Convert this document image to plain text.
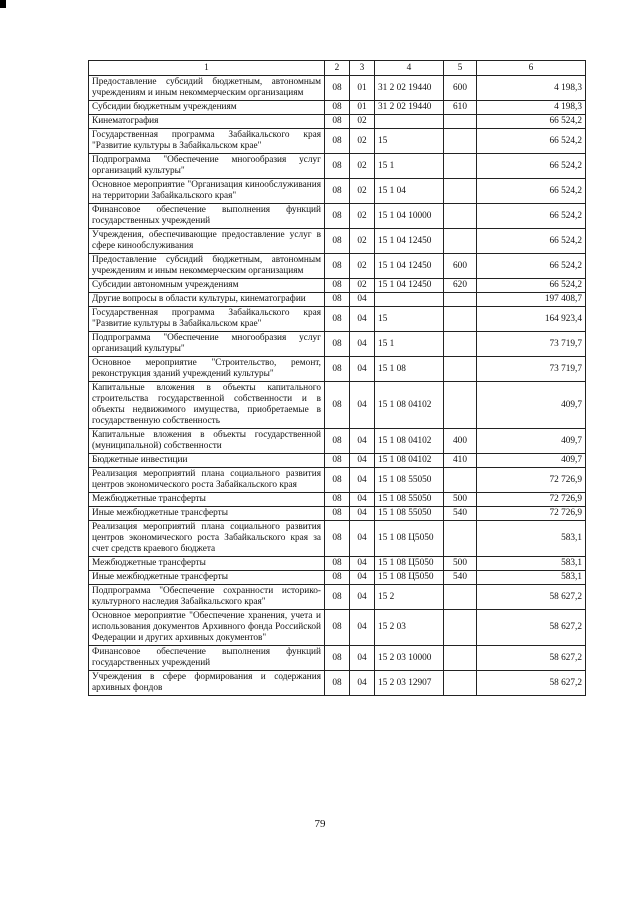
1	2	3	4	5	6
Предоставление субсидий бюджетным, автономным учреждениям и иным некоммерческим организациям	08	01	31 2 02 19440	600	4 198,3
Субсидии бюджетным учреждениям	08	01	31 2 02 19440	610	4 198,3
Кинематография	08	02			66 524,2
Государственная программа Забайкальского края "Развитие культуры в Забайкальском крае"	08	02	15		66 524,2
Подпрограмма "Обеспечение многообразия услуг организаций культуры"	08	02	15 1		66 524,2
Основное мероприятие "Организация кинообслуживания на территории Забайкальского края"	08	02	15 1 04		66 524,2
Финансовое обеспечение выполнения функций государственных учреждений	08	02	15 1 04 10000		66 524,2
Учреждения, обеспечивающие предоставление услуг в сфере кинообслуживания	08	02	15 1 04 12450		66 524,2
Предоставление субсидий бюджетным, автономным учреждениям и иным некоммерческим организациям	08	02	15 1 04 12450	600	66 524,2
Субсидии автономным учреждениям	08	02	15 1 04 12450	620	66 524,2
Другие вопросы в области культуры, кинематографии	08	04			197 408,7
Государственная программа Забайкальского края "Развитие культуры в Забайкальском крае"	08	04	15		164 923,4
Подпрограмма "Обеспечение многообразия услуг организаций культуры"	08	04	15 1		73 719,7
Основное мероприятие "Строительство, ремонт, реконструкция зданий учреждений культуры"	08	04	15 1 08		73 719,7
Капитальные вложения в объекты капитального строительства государственной собственности и в объекты недвижимого имущества, приобретаемые в государственную собственность	08	04	15 1 08 04102		409,7
Капитальные вложения в объекты государственной (муниципальной) собственности	08	04	15 1 08 04102	400	409,7
Бюджетные инвестиции	08	04	15 1 08 04102	410	409,7
Реализация мероприятий плана социального развития центров экономического роста Забайкальского края	08	04	15 1 08 55050		72 726,9
Межбюджетные трансферты	08	04	15 1 08 55050	500	72 726,9
Иные межбюджетные трансферты	08	04	15 1 08 55050	540	72 726,9
Реализация мероприятий плана социального развития центров экономического роста Забайкальского края за счет средств краевого бюджета	08	04	15 1 08 Ц5050		583,1
Межбюджетные трансферты	08	04	15 1 08 Ц5050	500	583,1
Иные межбюджетные трансферты	08	04	15 1 08 Ц5050	540	583,1
Подпрограмма "Обеспечение сохранности историко-культурного наследия Забайкальского края"	08	04	15 2		58 627,2
Основное мероприятие "Обеспечение хранения, учета и использования документов Архивного фонда Российской Федерации и других архивных документов"	08	04	15 2 03		58 627,2
Финансовое обеспечение выполнения функций государственных учреждений	08	04	15 2 03 10000		58 627,2
Учреждения в сфере формирования и содержания архивных фондов	08	04	15 2 03 12907		58 627,2
79
